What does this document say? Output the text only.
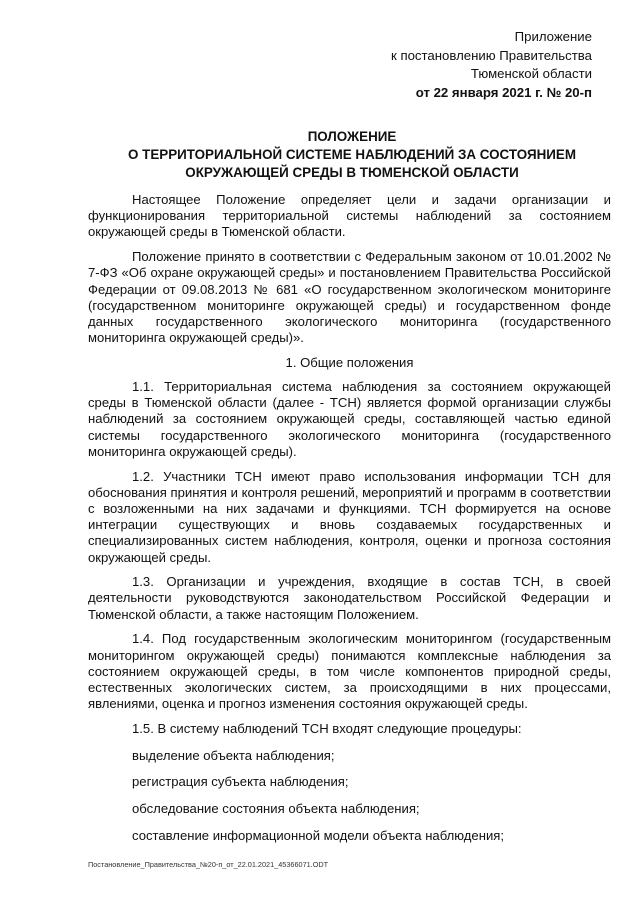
Приложение
к постановлению Правительства
Тюменской области
от 22 января 2021 г. № 20-п
ПОЛОЖЕНИЕ
О ТЕРРИТОРИАЛЬНОЙ СИСТЕМЕ НАБЛЮДЕНИЙ ЗА СОСТОЯНИЕМ
ОКРУЖАЮЩЕЙ СРЕДЫ В ТЮМЕНСКОЙ ОБЛАСТИ

Настоящее Положение определяет цели и задачи организации и функционирования территориальной системы наблюдений за состоянием окружающей среды в Тюменской области.

Положение принято в соответствии с Федеральным законом от 10.01.2002 № 7-ФЗ «Об охране окружающей среды» и постановлением Правительства Российской Федерации от 09.08.2013 № 681 «О государственном экологическом мониторинге (государственном мониторинге окружающей среды) и государственном фонде данных государственного экологического мониторинга (государственного мониторинга окружающей среды)».

1. Общие положения

1.1. Территориальная система наблюдения за состоянием окружающей среды в Тюменской области (далее - ТСН) является формой организации службы наблюдений за состоянием окружающей среды, составляющей частью единой системы государственного экологического мониторинга (государственного мониторинга окружающей среды).

1.2. Участники ТСН имеют право использования информации ТСН для обоснования принятия и контроля решений, мероприятий и программ в соответствии с возложенными на них задачами и функциями. ТСН формируется на основе интеграции существующих и вновь создаваемых государственных и специализированных систем наблюдения, контроля, оценки и прогноза состояния окружающей среды.

1.3. Организации и учреждения, входящие в состав ТСН, в своей деятельности руководствуются законодательством Российской Федерации и Тюменской области, а также настоящим Положением.

1.4. Под государственным экологическим мониторингом (государственным мониторингом окружающей среды) понимаются комплексные наблюдения за состоянием окружающей среды, в том числе компонентов природной среды, естественных экологических систем, за происходящими в них процессами, явлениями, оценка и прогноз изменения состояния окружающей среды.

1.5. В систему наблюдений ТСН входят следующие процедуры:

выделение объекта наблюдения;

регистрация субъекта наблюдения;

обследование состояния объекта наблюдения;

составление информационной модели объекта наблюдения;

Постановление_Правительства_№20-п_от_22.01.2021_45366071.ODT
